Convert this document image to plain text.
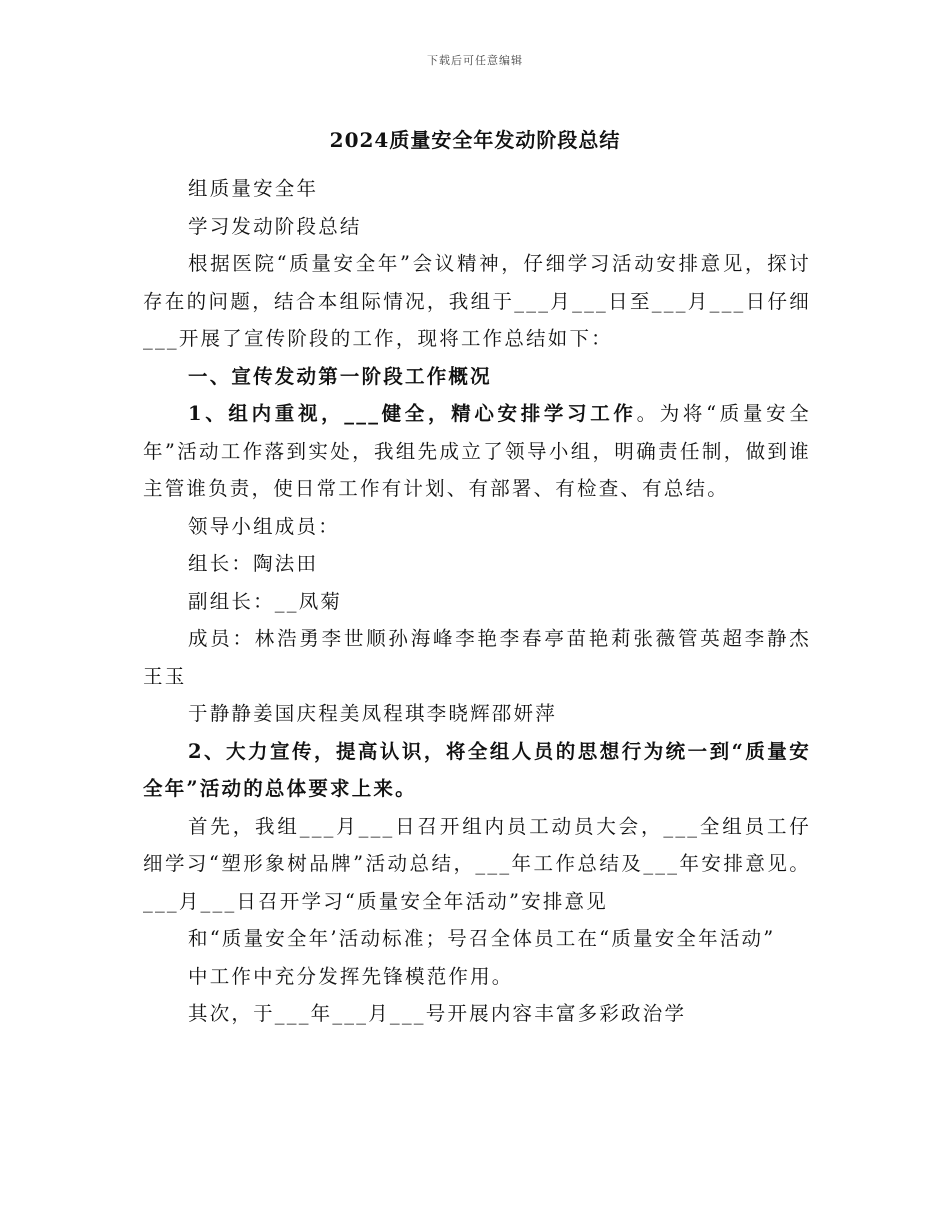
下载后可任意编辑
2024质量安全年发动阶段总结

组质量安全年

学习发动阶段总结

根据医院“质量安全年”会议精神，仔细学习活动安排意见，探讨存在的问题，结合本组际情况，我组于___月___日至___月___日仔细___开展了宣传阶段的工作，现将工作总结如下：

一、宣传发动第一阶段工作概况

1、组内重视，___健全，精心安排学习工作。为将“质量安全年”活动工作落到实处，我组先成立了领导小组，明确责任制，做到谁主管谁负责，使日常工作有计划、有部署、有检查、有总结。

领导小组成员：

组长：陶法田

副组长：__凤菊

成员：林浩勇李世顺孙海峰李艳李春亭苗艳莉张薇管英超李静杰王玉

于静静姜国庆程美凤程琪李晓辉邵妍萍

2、大力宣传，提高认识，将全组人员的思想行为统一到“质量安全年”活动的总体要求上来。

首先，我组___月___日召开组内员工动员大会，___全组员工仔细学习“塑形象树品牌”活动总结，___年工作总结及___年安排意见。___月___日召开学习“质量安全年活动”安排意见

和“质量安全年’活动标准；号召全体员工在“质量安全年活动”

中工作中充分发挥先锋模范作用。

其次，于___年___月___号开展内容丰富多彩政治学
